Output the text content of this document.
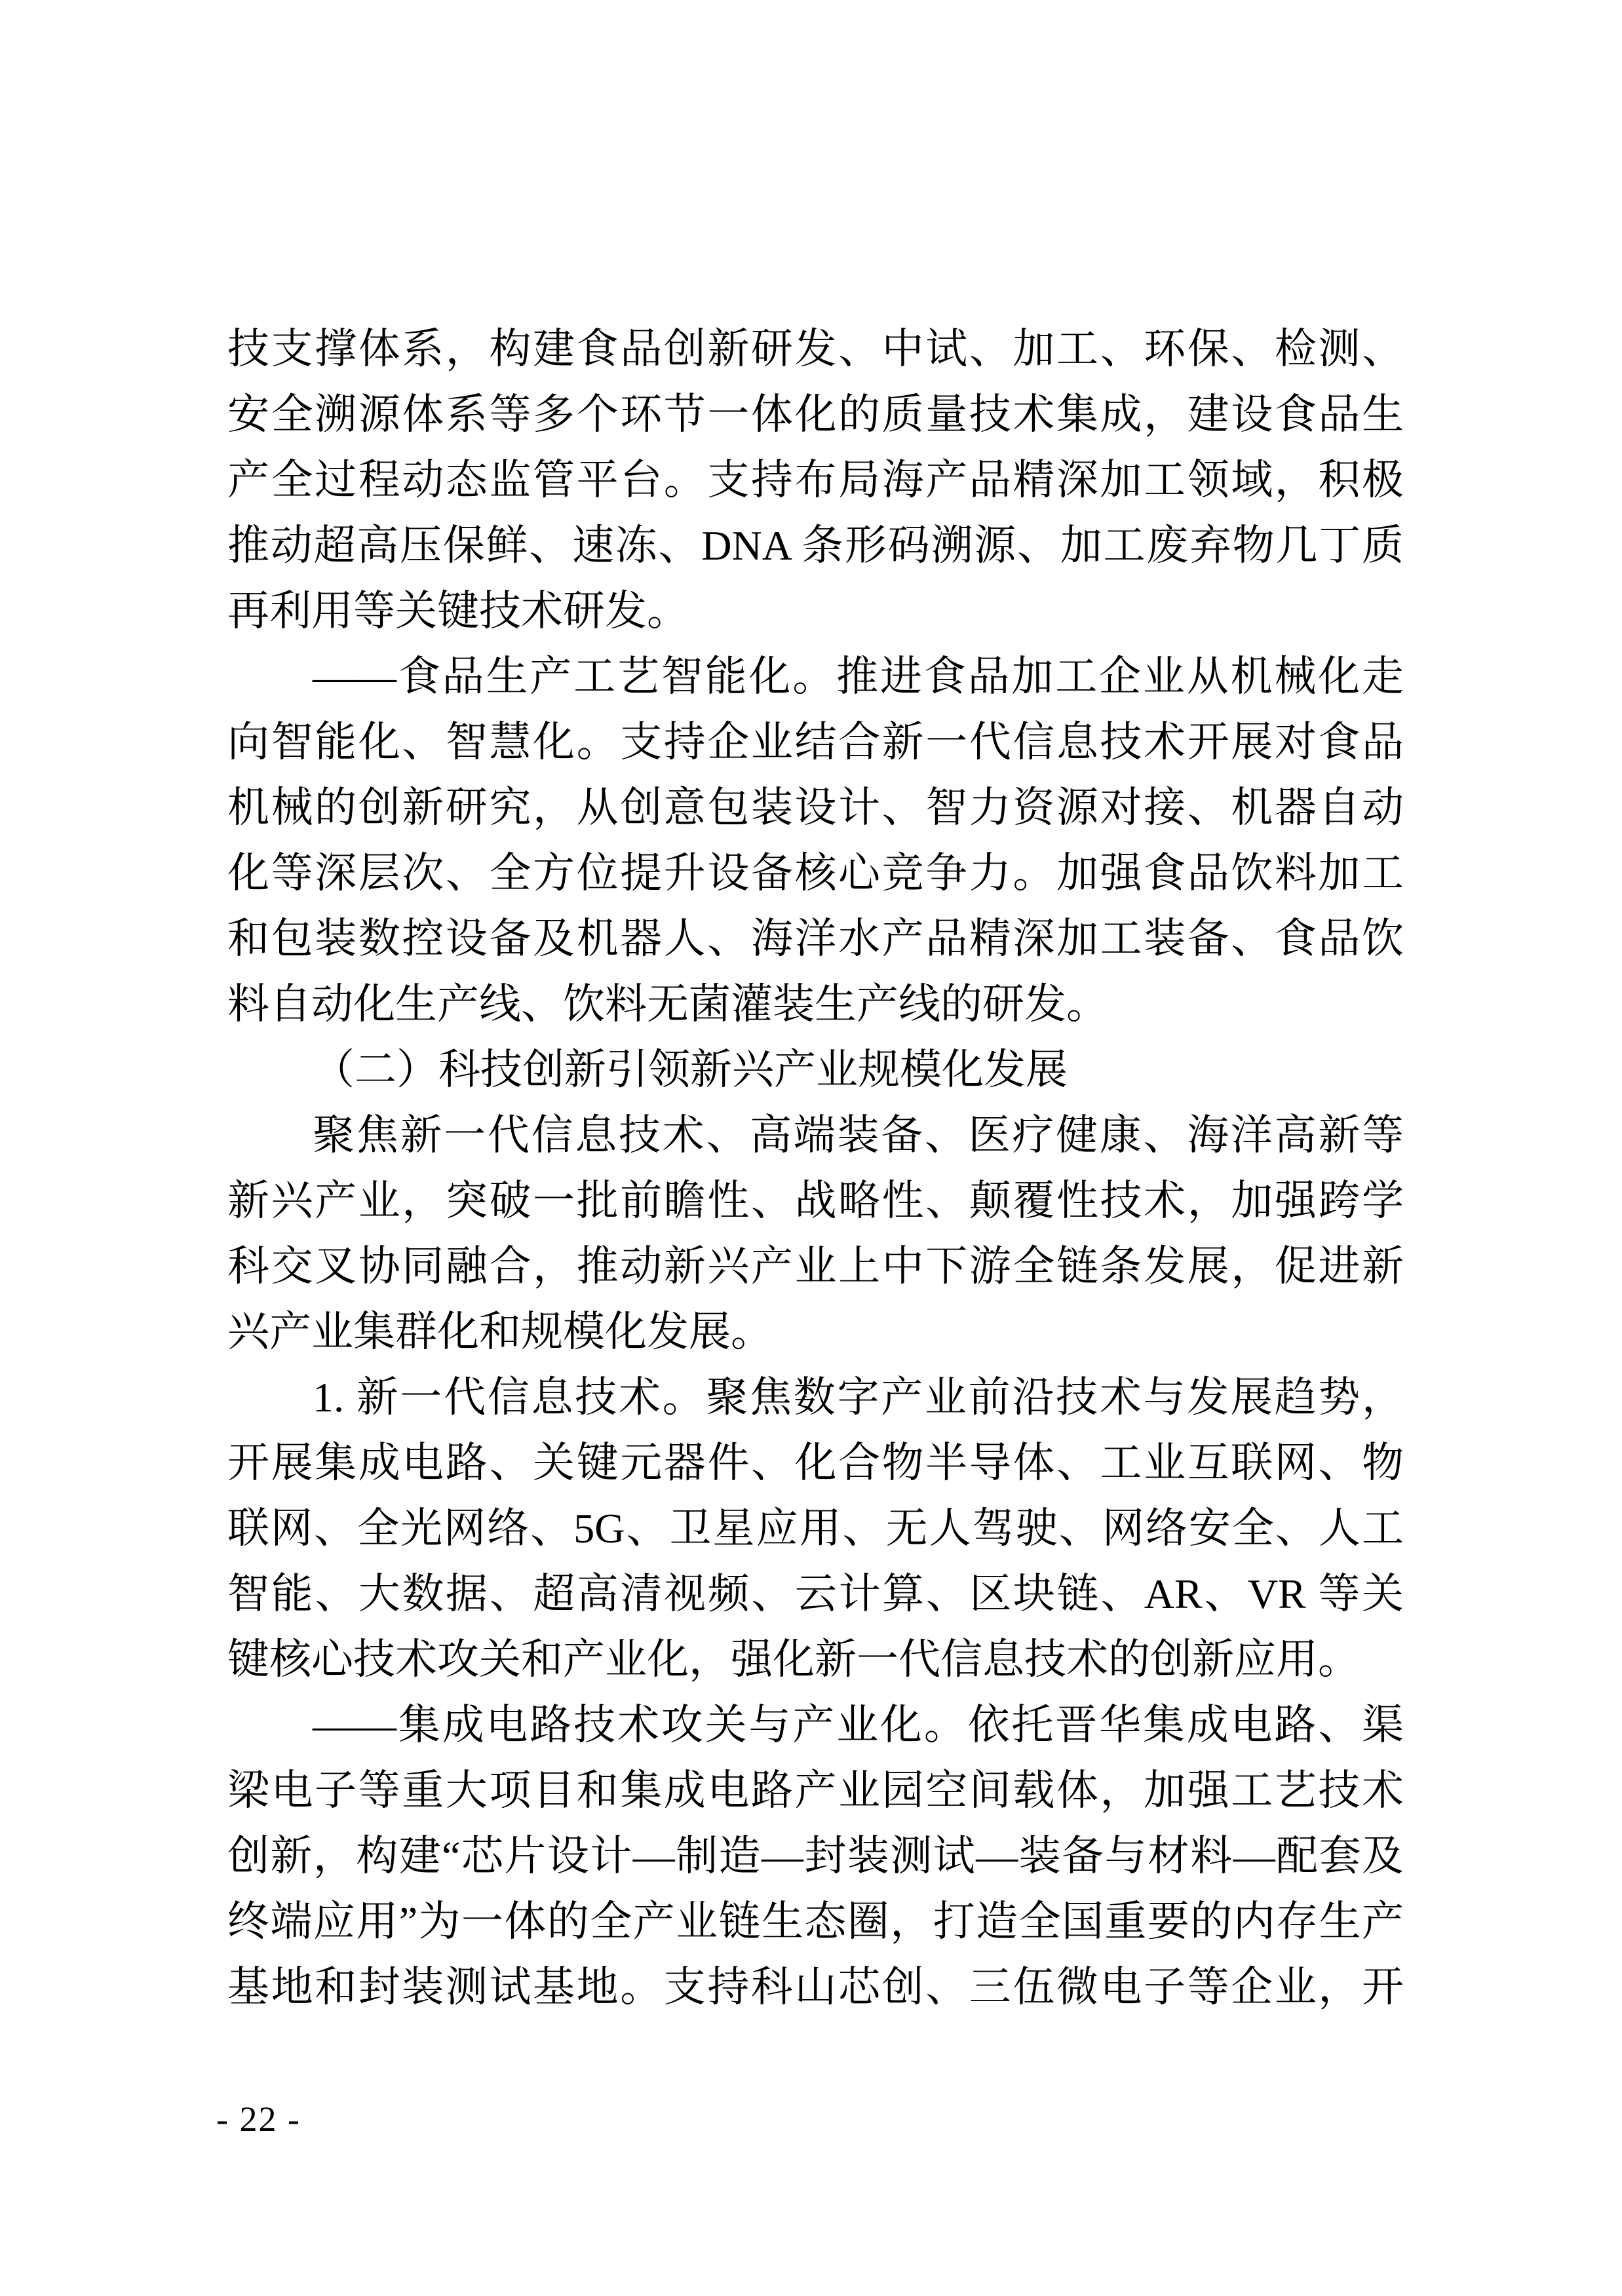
技支撑体系，构建食品创新研发、中试、加工、环保、检测、
安全溯源体系等多个环节一体化的质量技术集成，建设食品生
产全过程动态监管平台。支持布局海产品精深加工领域，积极
推动超高压保鲜、速冻、DNA 条形码溯源、加工废弃物几丁质
再利用等关键技术研发。
——食品生产工艺智能化。推进食品加工企业从机械化走
向智能化、智慧化。支持企业结合新一代信息技术开展对食品
机械的创新研究，从创意包装设计、智力资源对接、机器自动
化等深层次、全方位提升设备核心竞争力。加强食品饮料加工
和包装数控设备及机器人、海洋水产品精深加工装备、食品饮
料自动化生产线、饮料无菌灌装生产线的研发。
（二）科技创新引领新兴产业规模化发展
聚焦新一代信息技术、高端装备、医疗健康、海洋高新等
新兴产业，突破一批前瞻性、战略性、颠覆性技术，加强跨学
科交叉协同融合，推动新兴产业上中下游全链条发展，促进新
兴产业集群化和规模化发展。
1. 新一代信息技术。聚焦数字产业前沿技术与发展趋势，
开展集成电路、关键元器件、化合物半导体、工业互联网、物
联网、全光网络、5G、卫星应用、无人驾驶、网络安全、人工
智能、大数据、超高清视频、云计算、区块链、AR、VR 等关
键核心技术攻关和产业化，强化新一代信息技术的创新应用。
——集成电路技术攻关与产业化。依托晋华集成电路、渠
梁电子等重大项目和集成电路产业园空间载体，加强工艺技术
创新，构建“芯片设计—制造—封装测试—装备与材料—配套及
终端应用”为一体的全产业链生态圈，打造全国重要的内存生产
基地和封装测试基地。支持科山芯创、三伍微电子等企业，开
- 22 -
